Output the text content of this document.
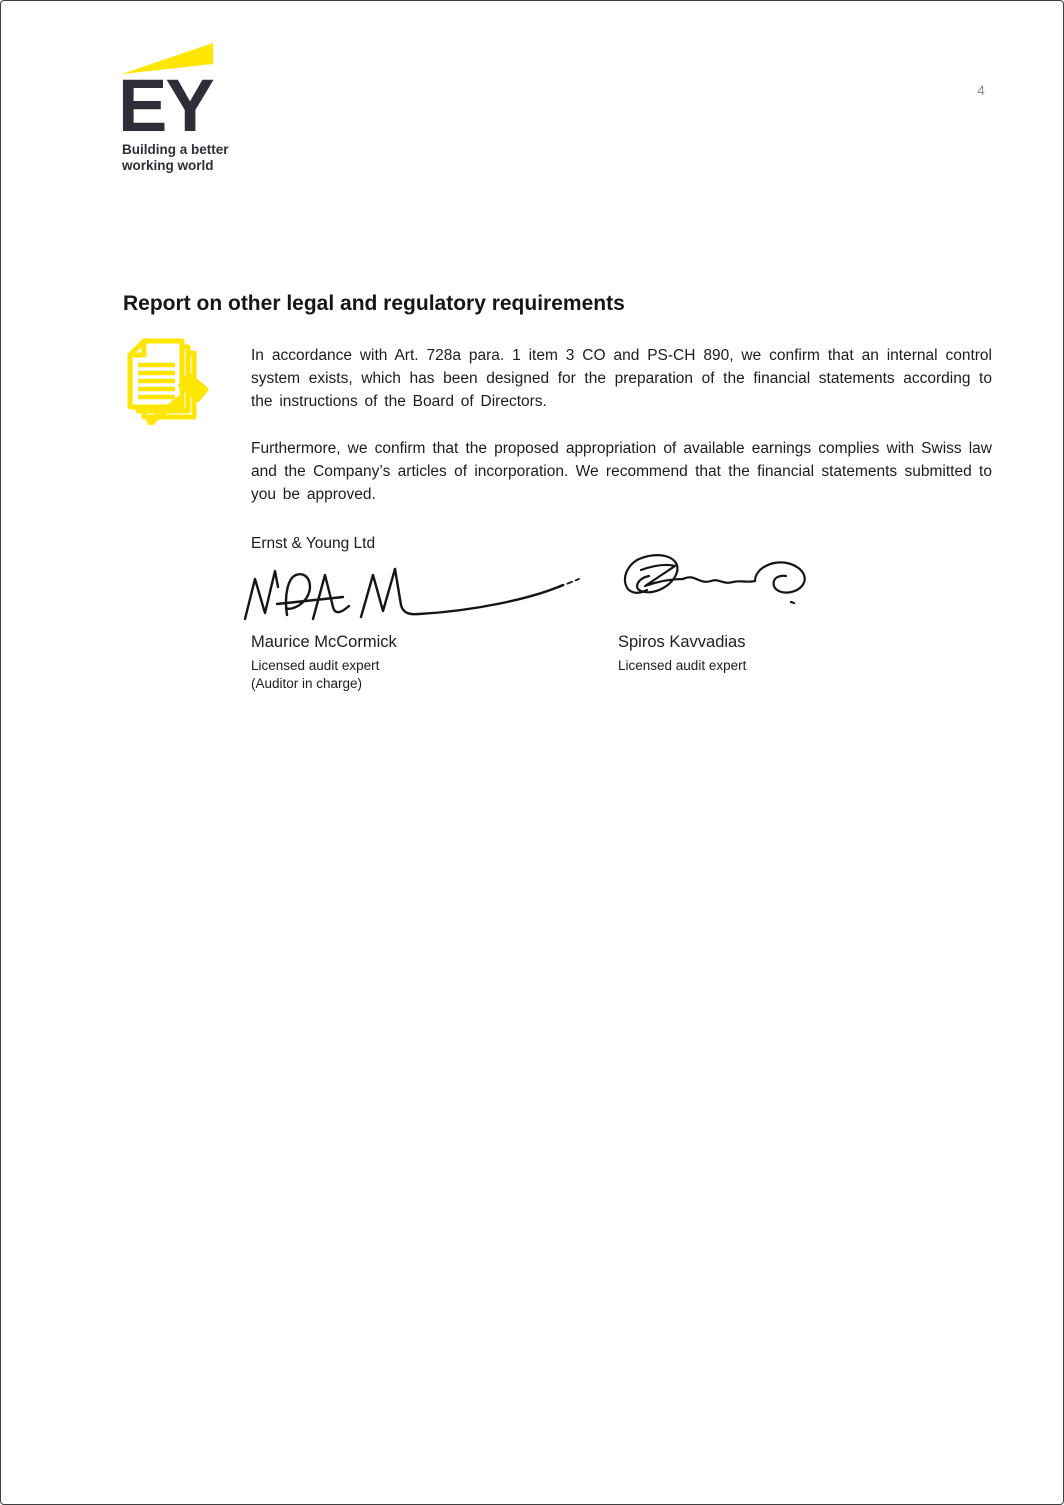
EY
Building a better
working world
4
Report on other legal and regulatory requirements

In accordance with Art. 728a para. 1 item 3 CO and PS-CH 890, we confirm that an internal control system exists, which has been designed for the preparation of the financial statements according to the instructions of the Board of Directors.

Furthermore, we confirm that the proposed appropriation of available earnings complies with Swiss law and the Company’s articles of incorporation. We recommend that the financial statements submitted to you be approved.

Ernst & Young Ltd
Maurice McCormick
Licensed audit expert
(Auditor in charge)
Spiros Kavvadias
Licensed audit expert
